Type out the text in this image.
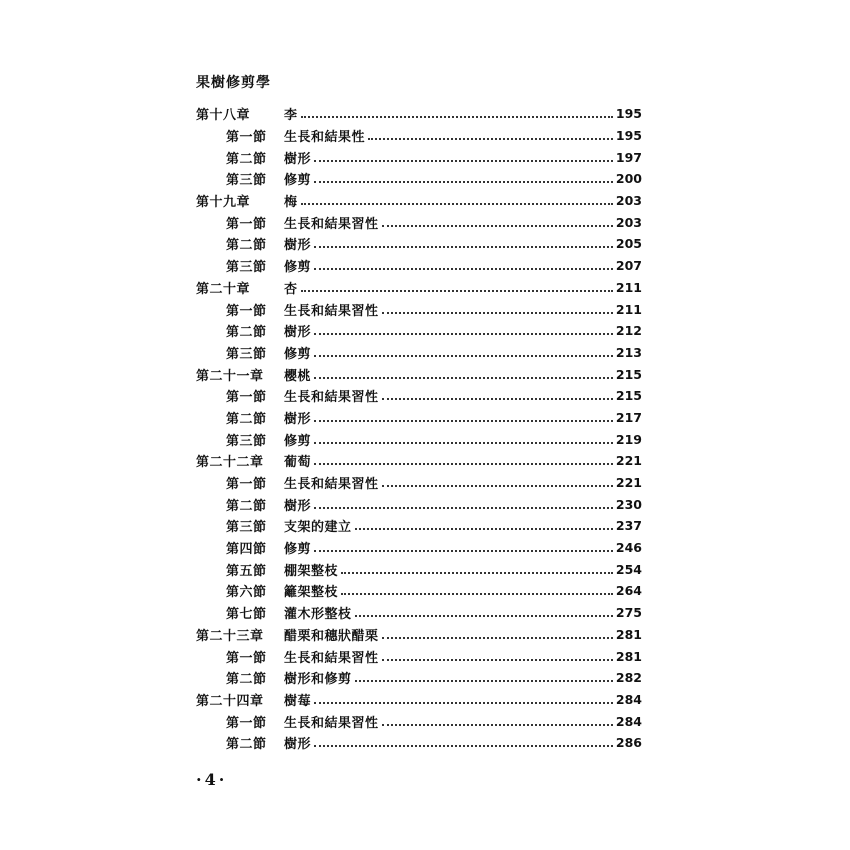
果樹修剪學
第十八章	李	195
第一節	生長和結果性	195
第二節	樹形	197
第三節	修剪	200
第十九章	梅	203
第一節	生長和結果習性	203
第二節	樹形	205
第三節	修剪	207
第二十章	杏	211
第一節	生長和結果習性	211
第二節	樹形	212
第三節	修剪	213
第二十一章	櫻桃	215
第一節	生長和結果習性	215
第二節	樹形	217
第三節	修剪	219
第二十二章	葡萄	221
第一節	生長和結果習性	221
第二節	樹形	230
第三節	支架的建立	237
第四節	修剪	246
第五節	棚架整枝	254
第六節	籬架整枝	264
第七節	灌木形整枝	275
第二十三章	醋栗和穗狀醋栗	281
第一節	生長和結果習性	281
第二節	樹形和修剪	282
第二十四章	樹莓	284
第一節	生長和結果習性	284
第二節	樹形	286
·4·
